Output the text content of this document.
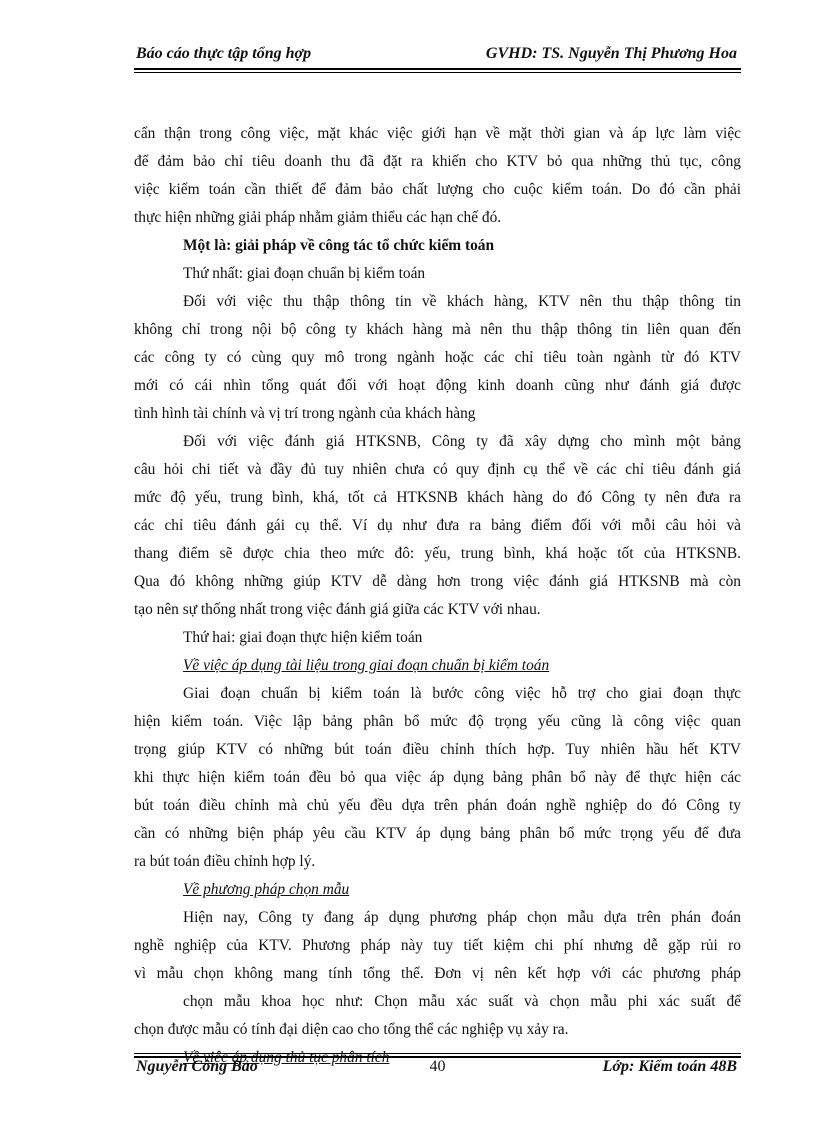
Báo cáo thực tập tổng hợp	GVHD: TS. Nguyễn Thị Phương Hoa
cẩn thận trong công việc, mặt khác việc giới hạn về mặt thời gian và áp lực làm việc
để đảm bảo chỉ tiêu doanh thu đã đặt ra khiến cho KTV bỏ qua những thủ tục, công
việc kiểm toán cần thiết để đảm bảo chất lượng cho cuộc kiểm toán. Do đó cần phải
thực hiện những giải pháp nhằm giảm thiểu các hạn chế đó.
Một là: giải pháp về công tác tổ chức kiểm toán
Thứ nhất: giai đoạn chuẩn bị kiểm toán
Đối với việc thu thập thông tin về khách hàng, KTV nên thu thập thông tin
không chỉ trong nội bộ công ty khách hàng mà nên thu thập thông tin liên quan đến
các công ty có cùng quy mô trong ngành hoặc các chỉ tiêu toàn ngành từ đó KTV
mới có cái nhìn tổng quát đối với hoạt động kinh doanh cũng như đánh giá được
tình hình tài chính và vị trí trong ngành của khách hàng
Đối với việc đánh giá HTKSNB, Công ty đã xây dựng cho mình một bảng
câu hỏi chi tiết và đầy đủ tuy nhiên chưa có quy định cụ thể về các chỉ tiêu đánh giá
mức độ yếu, trung bình, khá, tốt cả HTKSNB khách hàng do đó Công ty nên đưa ra
các chỉ tiêu đánh gái cụ thể. Ví dụ như đưa ra bảng điểm đối với mỗi câu hỏi và
thang điểm sẽ được chia theo mức đô: yếu, trung bình, khá hoặc tốt của HTKSNB.
Qua đó không những giúp KTV dễ dàng hơn trong việc đánh giá HTKSNB mà còn
tạo nên sự thống nhất trong việc đánh giá giữa các KTV với nhau.
Thứ hai: giai đoạn thực hiện kiểm toán
Về việc áp dụng tài liệu trong giai đoạn chuẩn bị kiểm toán
Giai đoạn chuẩn bị kiểm toán là bước công việc hỗ trợ cho giai đoạn thực
hiện kiểm toán. Việc lập bảng phân bổ mức độ trọng yếu cũng là công việc quan
trọng giúp KTV có những bút toán điều chỉnh thích hợp. Tuy nhiên hầu hết KTV
khi thực hiện kiểm toán đều bỏ qua việc áp dụng bảng phân bổ này để thực hiện các
bút toán điều chỉnh mà chủ yếu đều dựa trên phán đoán nghề nghiệp do đó Công ty
cần có những biện pháp yêu cầu KTV áp dụng bảng phân bổ mức trọng yếu để đưa
ra bút toán điều chỉnh hợp lý.
Về phương pháp chọn mẫu
Hiện nay, Công ty đang áp dụng phương pháp chọn mẫu dựa trên phán đoán
nghề nghiệp của KTV. Phương pháp này tuy tiết kiệm chi phí nhưng dễ gặp rủi ro
vì mẫu chọn không mang tính tổng thể. Đơn vị nên kết hợp với các phương pháp
chọn mẫu khoa học như: Chọn mẫu xác suất và chọn mẫu phi xác suất để
chọn được mẫu có tính đại diện cao cho tổng thể các nghiệp vụ xảy ra.
Về việc áp dụng thủ tục phân tích
Nguyễn Công Bảo	40	Lớp: Kiểm toán 48B
